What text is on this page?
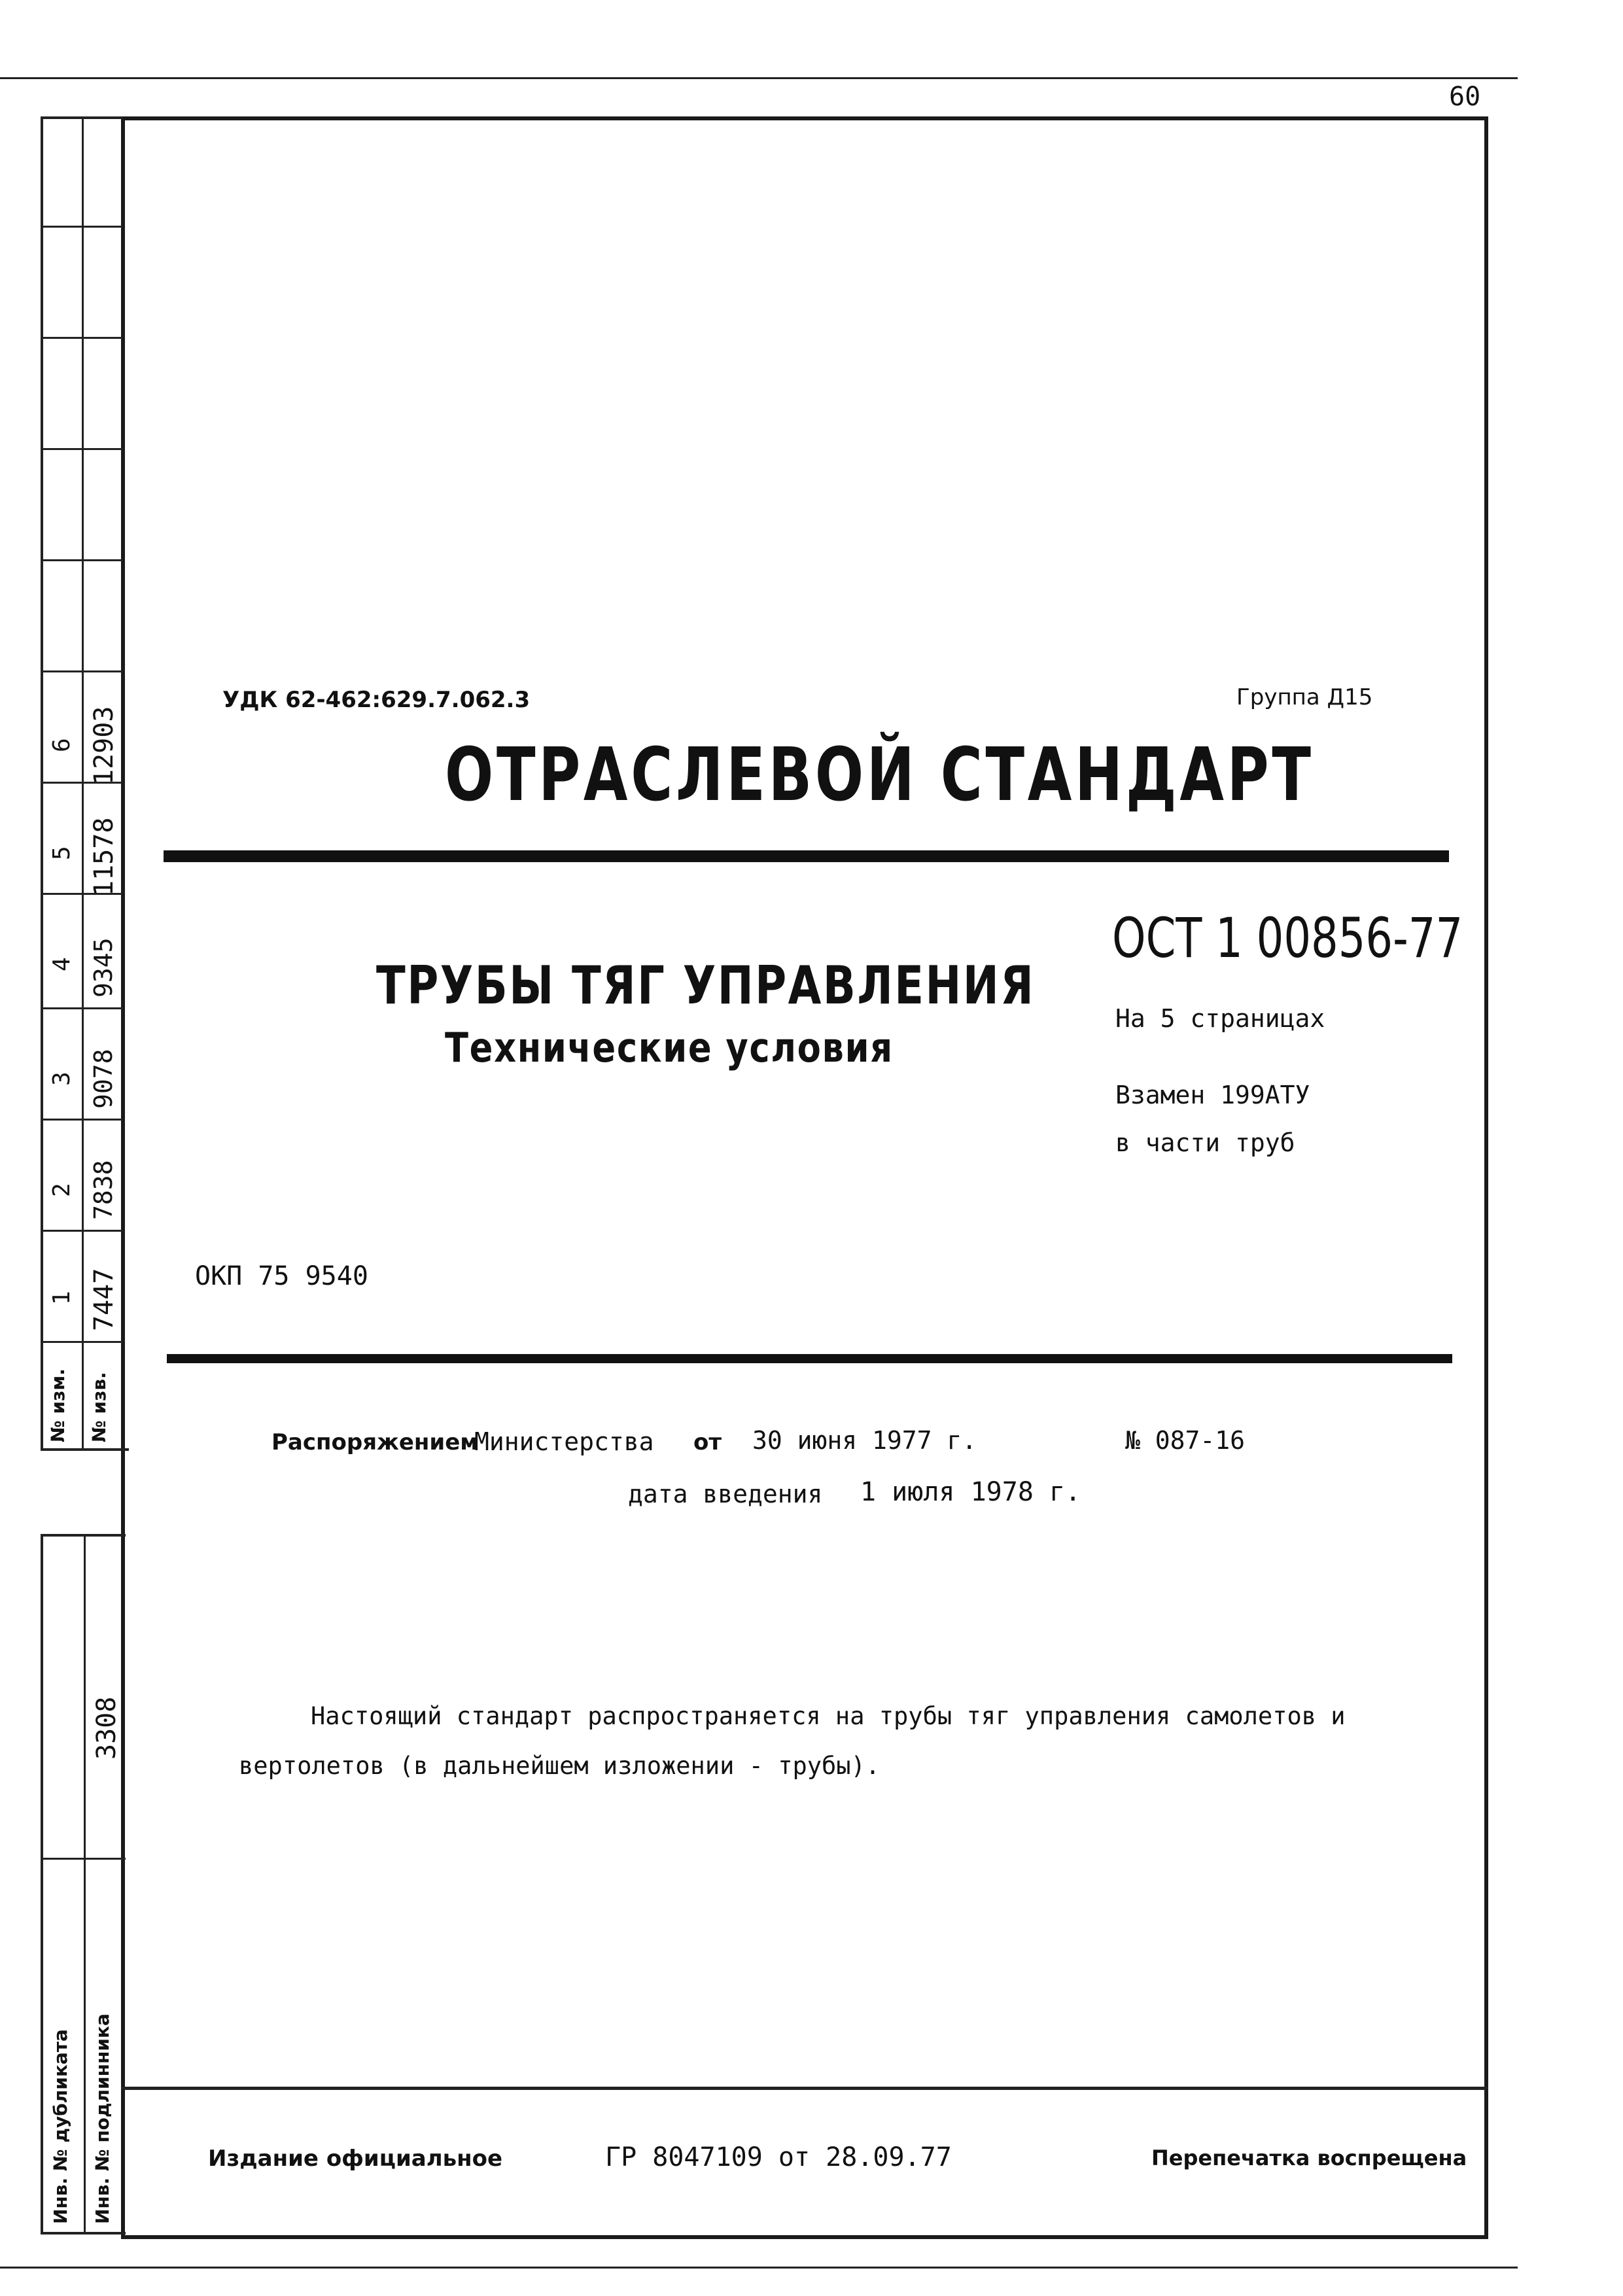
60
6 12903
5 11578
4 9345
3 9078
2 7838
1 7447
№ изм. № изв.
3308
Инв. № дубликата Инв. № подлинника
УДК 62-462:629.7.062.3	Группа Д15
ОТРАСЛЕВОЙ СТАНДАРТ
ТРУБЫ ТЯГ УПРАВЛЕНИЯ
Технические условия
ОСТ 1 00856-77
На 5 страницах
Взамен 199АТУ
в части труб
ОКП 75 9540
Распоряжением
Министерства от 30 июня 1977 г.	№ 087-16
дата введения 1 июля 1978 г.
Настоящий стандарт распространяется на трубы тяг управления самолетов и
вертолетов (в дальнейшем изложении - трубы).
Издание официальное	ГР 8047109 от 28.09.77	Перепечатка воспрещена
